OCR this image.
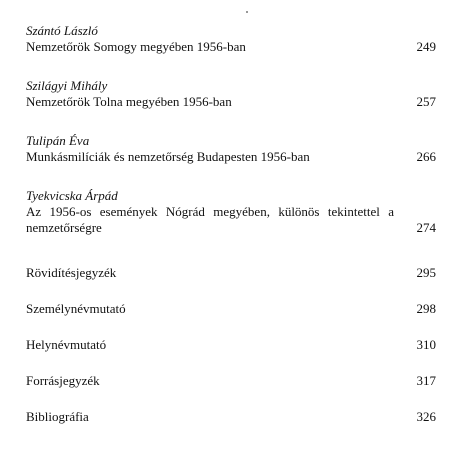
Szántó László
Nemzetőrök Somogy megyében 1956-ban	249
Szilágyi Mihály
Nemzetőrök Tolna megyében 1956-ban	257
Tulipán Éva
Munkásmilíciák és nemzetőrség Budapesten 1956-ban	266
Tyekvicska Árpád
Az 1956-os események Nógrád megyében, különös tekintettel a nemzetőrségre	274
Rövidítésjegyzék	295
Személynévmutató	298
Helynévmutató	310
Forrásjegyzék	317
Bibliográfia	326
